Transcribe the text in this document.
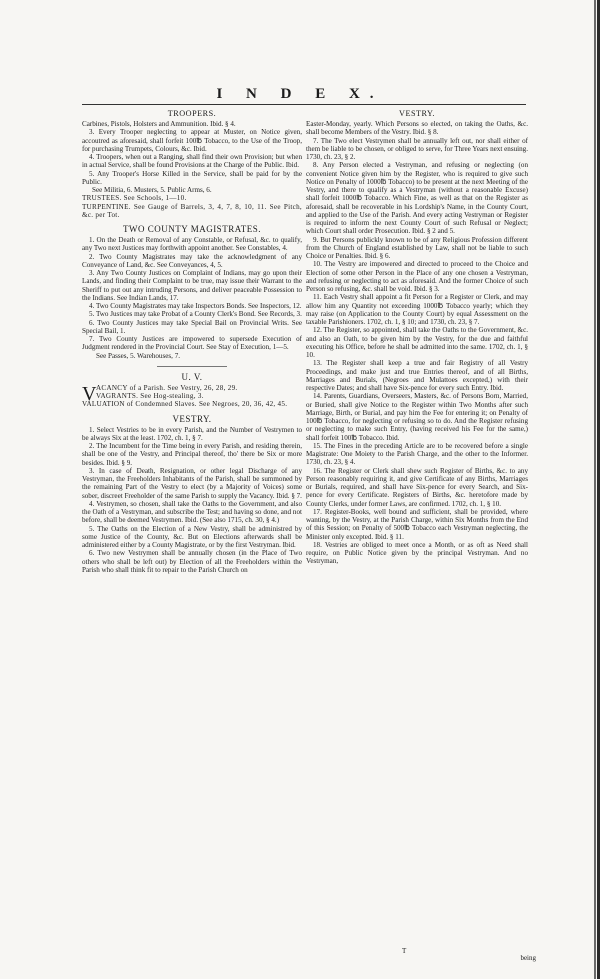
I N D E X.
TROOPERS.

Carbines, Pistols, Holsters and Ammunition. Ibid. § 4.

3. Every Trooper neglecting to appear at Muster, on Notice given, accoutred as aforesaid, shall forfeit 100℔ Tobacco, to the Use of the Troop, for purchasing Trumpets, Colours, &c. Ibid.

4. Troopers, when out a Ranging, shall find their own Provision; but when in actual Service, shall be found Provisions at the Charge of the Public. Ibid.

5. Any Trooper's Horse Killed in the Service, shall be paid for by the Public.

See Militia, 6. Musters, 5. Public Arms, 6.

TRUSTEES. See Schools, 1—10.

TURPENTINE. See Gauge of Barrels, 3, 4, 7, 8, 10, 11. See Pitch, &c. per Tot.

TWO COUNTY MAGISTRATES.

1. On the Death or Removal of any Constable, or Refusal, &c. to qualify, any Two next Justices may forthwith appoint another. See Constables, 4.

2. Two County Magistrates may take the acknowledgment of any Conveyance of Land, &c. See Conveyances, 4, 5.

3. Any Two County Justices on Complaint of Indians, may go upon their Lands, and finding their Complaint to be true, may issue their Warrant to the Sheriff to put out any intruding Persons, and deliver peaceable Possession to the Indians. See Indian Lands, 17.

4. Two County Magistrates may take Inspectors Bonds. See Inspectors, 12.

5. Two Justices may take Probat of a County Clerk's Bond. See Records, 3.

6. Two County Justices may take Special Bail on Provincial Writs. See Special Bail, 1.

7. Two County Justices are impowered to supersede Execution of Judgment rendered in the Provincial Court. See Stay of Execution, 1—5.

See Passes, 5. Warehouses, 7.

U. V.
V ACANCY of a Parish. See Vestry, 26, 28, 29.

VAGRANTS. See Hog-stealing, 3.

VALUATION of Condemned Slaves. See Negroes, 20, 36, 42, 45.

VESTRY.

1. Select Vestries to be in every Parish, and the Number of Vestrymen to be always Six at the least. 1702, ch. 1, § 7.

2. The Incumbent for the Time being in every Parish, and residing therein, shall be one of the Vestry, and Principal thereof, tho' there be Six or more besides. Ibid. § 9.

3. In case of Death, Resignation, or other legal Discharge of any Vestryman, the Freeholders Inhabitants of the Parish, shall be summoned by the remaining Part of the Vestry to elect (by a Majority of Voices) some sober, discreet Freeholder of the same Parish to supply the Vacancy. Ibid. § 7.

4. Vestrymen, so chosen, shall take the Oaths to the Government, and also the Oath of a Vestryman, and subscribe the Test; and having so done, and not before, shall be deemed Vestrymen. Ibid. (See also 1715, ch. 30, § 4.)

5. The Oaths on the Election of a New Vestry, shall be administred by some Justice of the County, &c. But on Elections afterwards shall be administered either by a County Magistrate, or by the first Vestryman. Ibid.

6. Two new Vestrymen shall be annually chosen (in the Place of Two others who shall be left out) by Election of all the Freeholders within the Parish who shall think fit to repair to the Parish Church on

VESTRY.

Easter-Monday, yearly. Which Persons so elected, on taking the Oaths, &c. shall become Members of the Vestry. Ibid. § 8.

7. The Two elect Vestrymen shall be annually left out, nor shall either of them be liable to be chosen, or obliged to serve, for Three Years next ensuing. 1730, ch. 23, § 2.

8. Any Person elected a Vestryman, and refusing or neglecting (on convenient Notice given him by the Register, who is required to give such Notice on Penalty of 1000℔ Tobacco) to be present at the next Meeting of the Vestry, and there to qualify as a Vestryman (without a reasonable Excuse) shall forfeit 1000℔ Tobacco. Which Fine, as well as that on the Register as aforesaid, shall be recoverable in his Lordship's Name, in the County Court, and applied to the Use of the Parish. And every acting Vestryman or Register is required to inform the next County Court of such Refusal or Neglect; which Court shall order Prosecution. Ibid. § 2 and 5.

9. But Persons publickly known to be of any Religious Profession different from the Church of England established by Law, shall not be liable to such Choice or Penalties. Ibid. § 6.

10. The Vestry are impowered and directed to proceed to the Choice and Election of some other Person in the Place of any one chosen a Vestryman, and refusing or neglecting to act as aforesaid. And the former Choice of such Person so refusing, &c. shall be void. Ibid. § 3.

11. Each Vestry shall appoint a fit Person for a Register or Clerk, and may allow him any Quantity not exceeding 1000℔ Tobacco yearly; which they may raise (on Application to the County Court) by equal Assessment on the taxable Parishioners. 1702, ch. 1, § 10; and 1730, ch. 23, § 7.

12. The Register, so appointed, shall take the Oaths to the Government, &c. and also an Oath, to be given him by the Vestry, for the due and faithful executing his Office, before he shall be admitted into the same. 1702, ch. 1, § 10.

13. The Register shall keep a true and fair Registry of all Vestry Proceedings, and make just and true Entries thereof, and of all Births, Marriages and Burials, (Negroes and Mulattoes excepted,) with their respective Dates; and shall have Six-pence for every such Entry. Ibid.

14. Parents, Guardians, Overseers, Masters, &c. of Persons Born, Married, or Buried, shall give Notice to the Register within Two Months after such Marriage, Birth, or Burial, and pay him the Fee for entering it; on Penalty of 100℔ Tobacco, for neglecting or refusing so to do. And the Register refusing or neglecting to make such Entry, (having received his Fee for the same,) shall forfeit 100℔ Tobacco. Ibid.

15. The Fines in the preceding Article are to be recovered before a single Magistrate: One Moiety to the Parish Charge, and the other to the Informer. 1730, ch. 23, § 4.

16. The Register or Clerk shall shew such Register of Births, &c. to any Person reasonably requiring it, and give Certificate of any Births, Marriages or Burials, required, and shall have Six-pence for every Search, and Six-pence for every Certificate. Registers of Births, &c. heretofore made by County Clerks, under former Laws, are confirmed. 1702, ch. 1, § 10.

17. Register-Books, well bound and sufficient, shall be provided, where wanting, by the Vestry, at the Parish Charge, within Six Months from the End of this Session; on Penalty of 500℔ Tobacco each Vestryman neglecting, the Minister only excepted. Ibid. § 11.

18. Vestries are obliged to meet once a Month, or as oft as Need shall require, on Public Notice given by the principal Vestryman. And no Vestryman,

T
being
